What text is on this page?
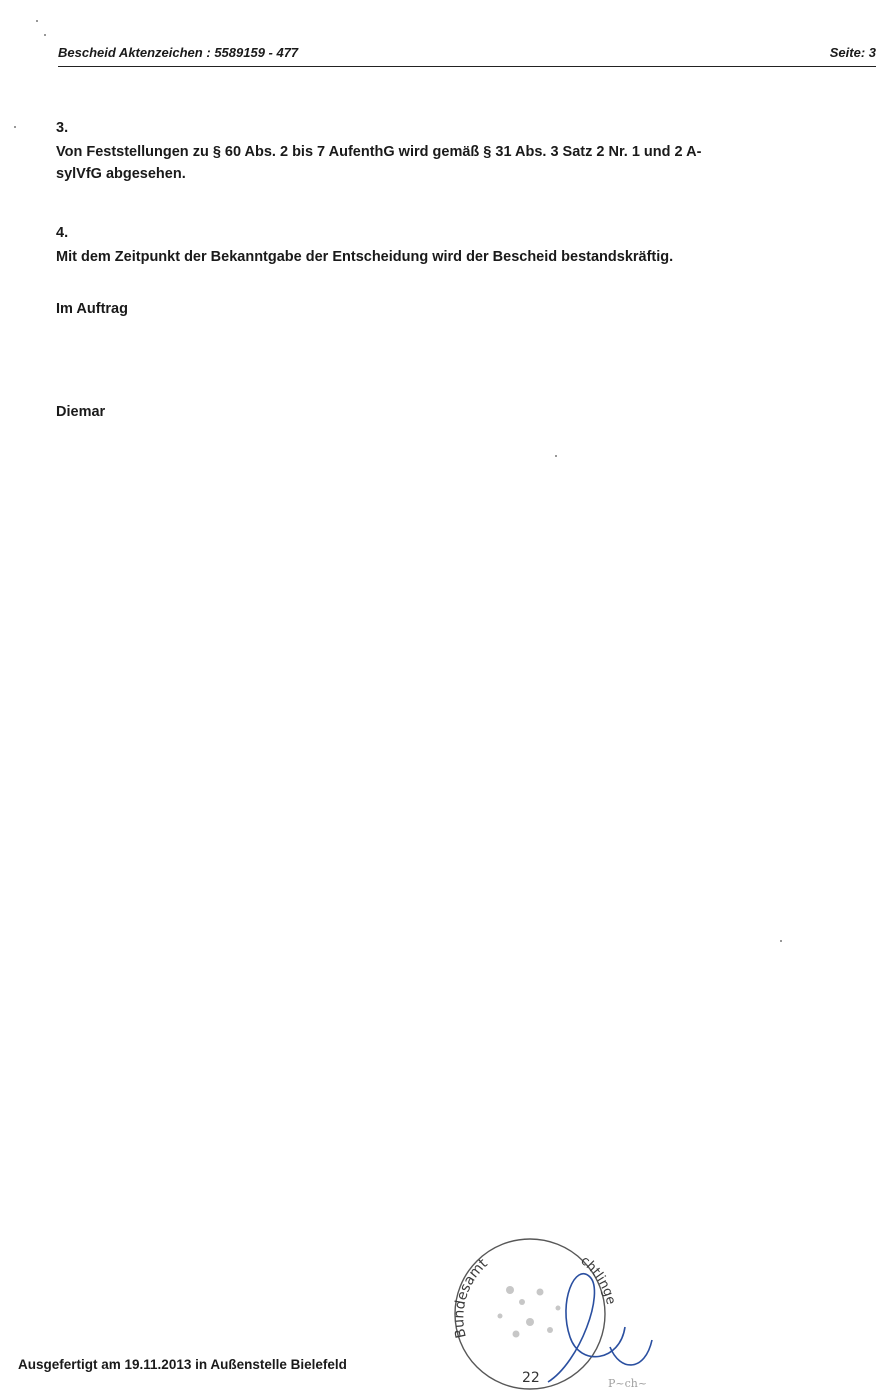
Bescheid Aktenzeichen : 5589159 - 477	Seite: 3
3.
Von Feststellungen zu § 60 Abs. 2 bis 7 AufenthG wird gemäß § 31 Abs. 3 Satz 2 Nr. 1 und 2 A-
sylVfG abgesehen.
4.
Mit dem Zeitpunkt der Bekanntgabe der Entscheidung wird der Bescheid bestandskräftig.
Im Auftrag
Diemar
Ausgefertigt am 19.11.2013 in Außenstelle Bielefeld
Bundesamt	chtlinge
22	P~ch~
